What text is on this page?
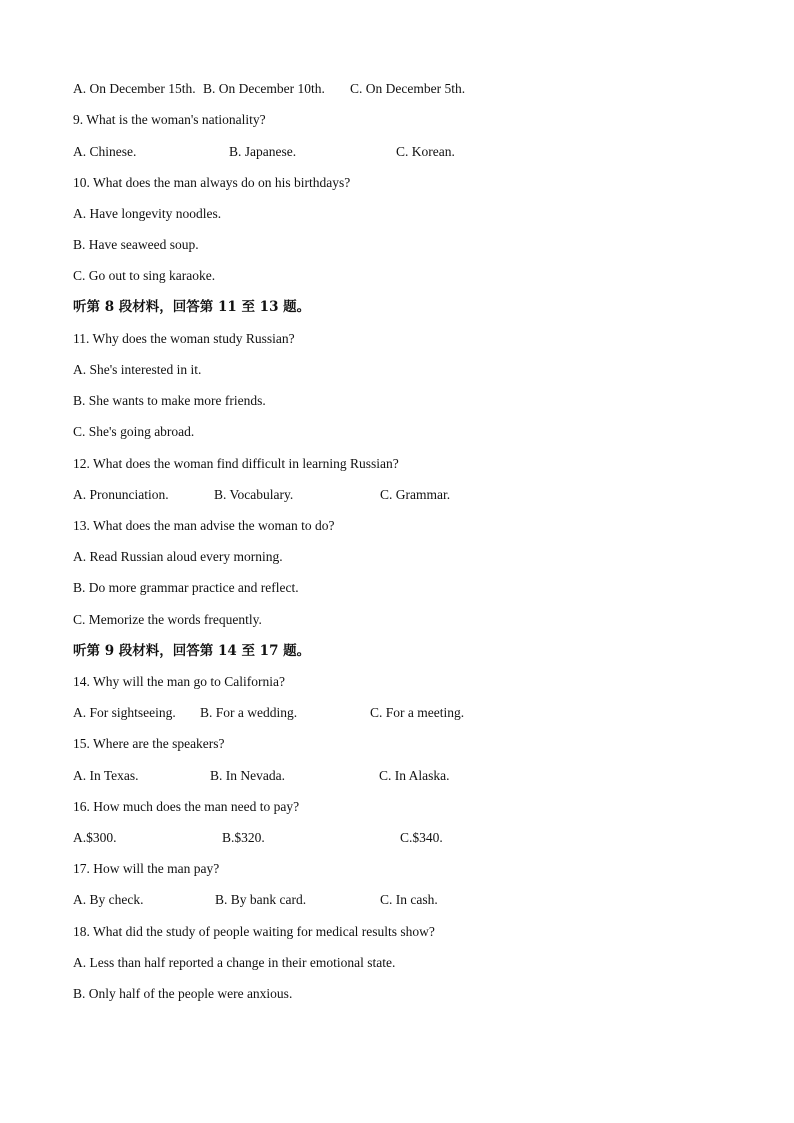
A. On December 15th. B. On December 10th. C. On December 5th.
9. What is the woman's nationality?
A. Chinese.	B. Japanese.	C. Korean.
10. What does the man always do on his birthdays?
A. Have longevity noodles.
B. Have seaweed soup.
C. Go out to sing karaoke.
听第 8 段材料，回答第 11 至 13 题。
11. Why does the woman study Russian?
A. She's interested in it.
B. She wants to make more friends.
C. She's going abroad.
12. What does the woman find difficult in learning Russian?
A. Pronunciation.	B. Vocabulary.	C. Grammar.
13. What does the man advise the woman to do?
A. Read Russian aloud every morning.
B. Do more grammar practice and reflect.
C. Memorize the words frequently.
听第 9 段材料，回答第 14 至 17 题。
14. Why will the man go to California?
A. For sightseeing. B. For a wedding.	C. For a meeting.
15. Where are the speakers?
A. In Texas.	B. In Nevada.	C. In Alaska.
16. How much does the man need to pay?
A.$300.	B.$320.	C.$340.
17. How will the man pay?
A. By check.	B. By bank card.	C. In cash.
18. What did the study of people waiting for medical results show?
A. Less than half reported a change in their emotional state.
B. Only half of the people were anxious.
